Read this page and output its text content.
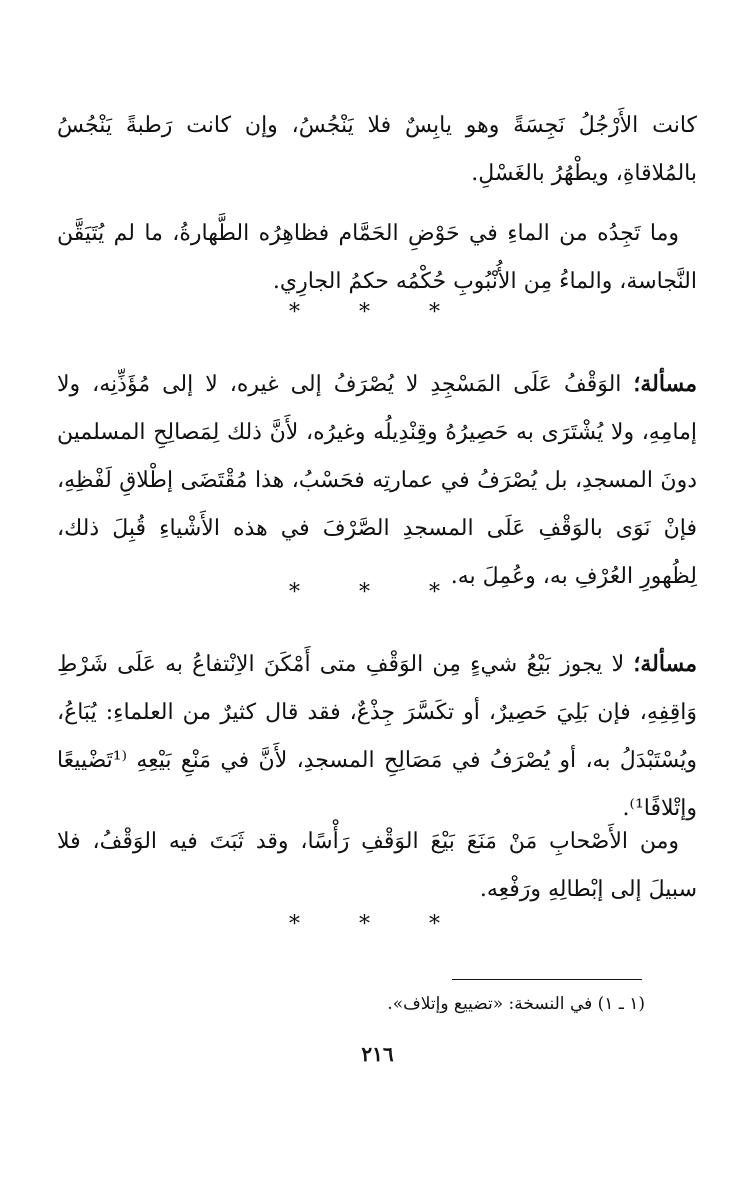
كانت الأَرْجُلُ نَجِسَةً وهو يابِسٌ فلا يَنْجُسُ، وإن كانت رَطبةً يَنْجُسُ بالمُلاقاةِ، ويطْهُرُ بالغَسْلِ.

وما تَجِدُه من الماءِ في حَوْضِ الحَمَّام فظاهِرُه الطَّهارةُ، ما لم يُتَيَقَّن النَّجاسة، والماءُ مِن الأُنْبُوبِ حُكْمُه حكمُ الجارِي.

* * *

مسألة؛ الوَقْفُ عَلَى المَسْجِدِ لا يُصْرَفُ إلى غيره، لا إلى مُؤَذِّنِه، ولا إمامِهِ، ولا يُشْتَرَى به حَصِيرُهُ وقِنْدِيلُه وغيرُه، لأَنَّ ذلك لِمَصالِحِ المسلمين دونَ المسجدِ، بل يُصْرَفُ في عمارتِه فحَسْبُ، هذا مُقْتَضَى إطْلاقِ لَفْظِهِ، فإنْ نَوَى بالوَقْفِ عَلَى المسجدِ الصَّرْفَ في هذه الأَشْياءِ قُبِلَ ذلك، لِظُهورِ العُرْفِ به، وعُمِلَ به.

* * *

مسألة؛ لا يجوز بَيْعُ شيءٍ مِن الوَقْفِ متى أَمْكَنَ الاِنْتفاعُ به عَلَى شَرْطِ وَاقِفِهِ، فإن بَلِيَ حَصِيرٌ، أو تكَسَّرَ جِذْعٌ، فقد قال كثيرٌ من العلماءِ: يُبَاعُ، ويُسْتَبْدَلُ به، أو يُصْرَفُ في مَصَالِحِ المسجدِ، لأَنَّ في مَنْعِ بَيْعِهِ ⁽¹تَضْييعًا وإتْلافًا¹⁾.

ومن الأَصْحابِ مَنْ مَنَعَ بَيْعَ الوَقْفِ رَأْسًا، وقد ثَبَتَ فيه الوَقْفُ، فلا سبيلَ إلى إبْطالِهِ ورَفْعِه.

* * *

(١ ـ ١) في النسخة: «تضييع وإتلاف».

٢١٦
